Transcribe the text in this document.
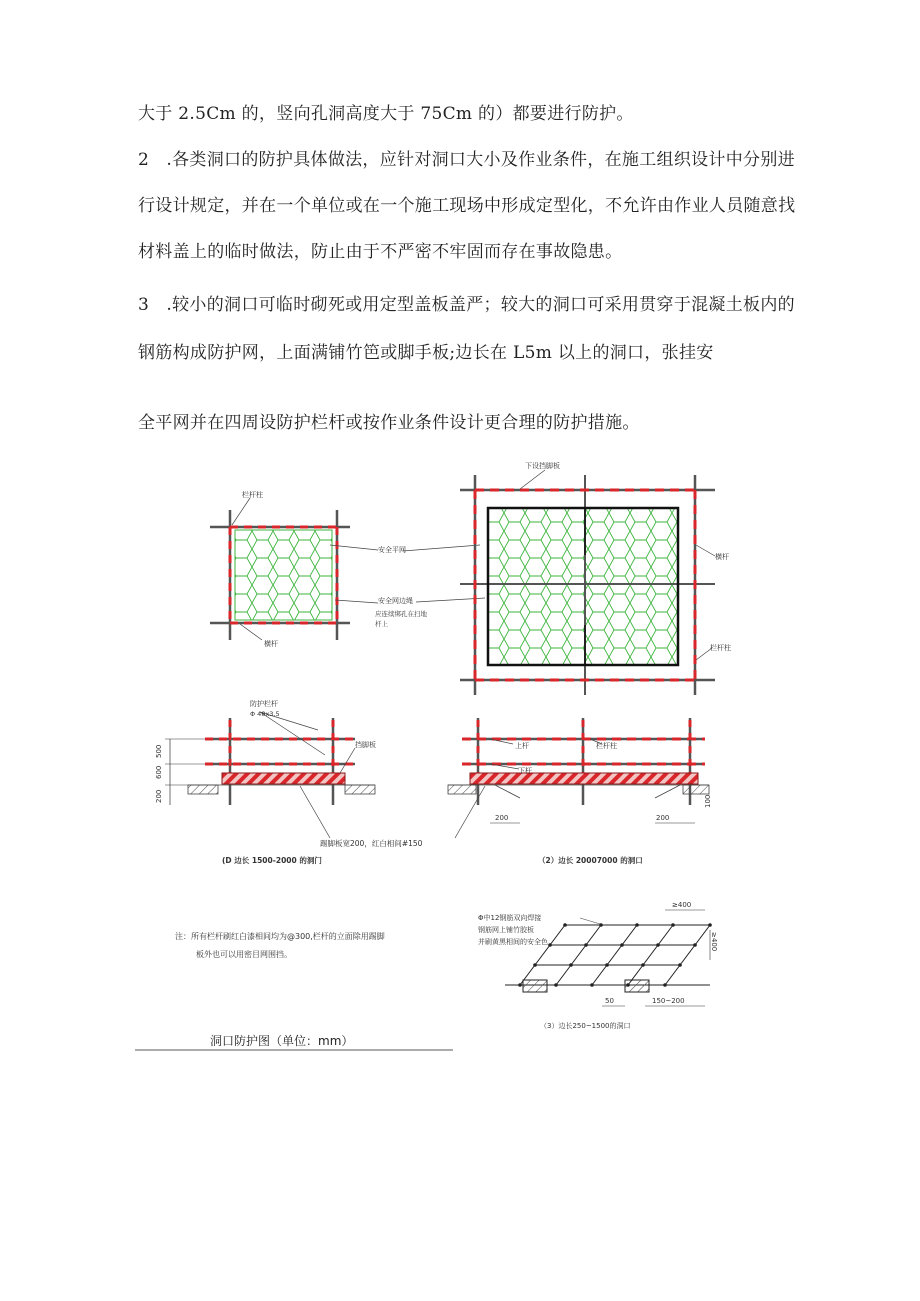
大于 2.5Cm 的，竖向孔洞高度大于 75Cm 的）都要进行防护。
2　.各类洞口的防护具体做法，应针对洞口大小及作业条件，在施工组织设计中分别进
行设计规定，并在一个单位或在一个施工现场中形成定型化，不允许由作业人员随意找
材料盖上的临时做法，防止由于不严密不牢固而存在事故隐患。
3　.较小的洞口可临时砌死或用定型盖板盖严；较大的洞口可采用贯穿于混凝土板内的
钢筋构成防护网，上面满铺竹笆或脚手板;边长在 L5m 以上的洞口，张挂安
全平网并在四周设防护栏杆或按作业条件设计更合理的防护措施。
栏杆柱
安全平网
安全网边绳
应连续绑孔在扫地
杆上
横杆
下设挡脚板
横杆
栏杆柱
防护栏杆
Φ 48x3.5
挡脚板
500
600
200
上杆	栏杆柱
下杆
200	200
100
踢脚板宽200，红白相间#150
(D 边长 1500-2000 的洞门	（2）边长 20007000 的洞口
注：所有栏杆刷红白漆相间均为@300,栏杆的立面除用踢脚
板外也可以用密目网围挡。
Φ中12钢筋双向焊接
钢筋网上铺竹胶板
并刷黄黑相间的安全色
≥400
≥400
50	150~200
（3）边长250~1500的洞口
洞口防护图（单位：mm）
